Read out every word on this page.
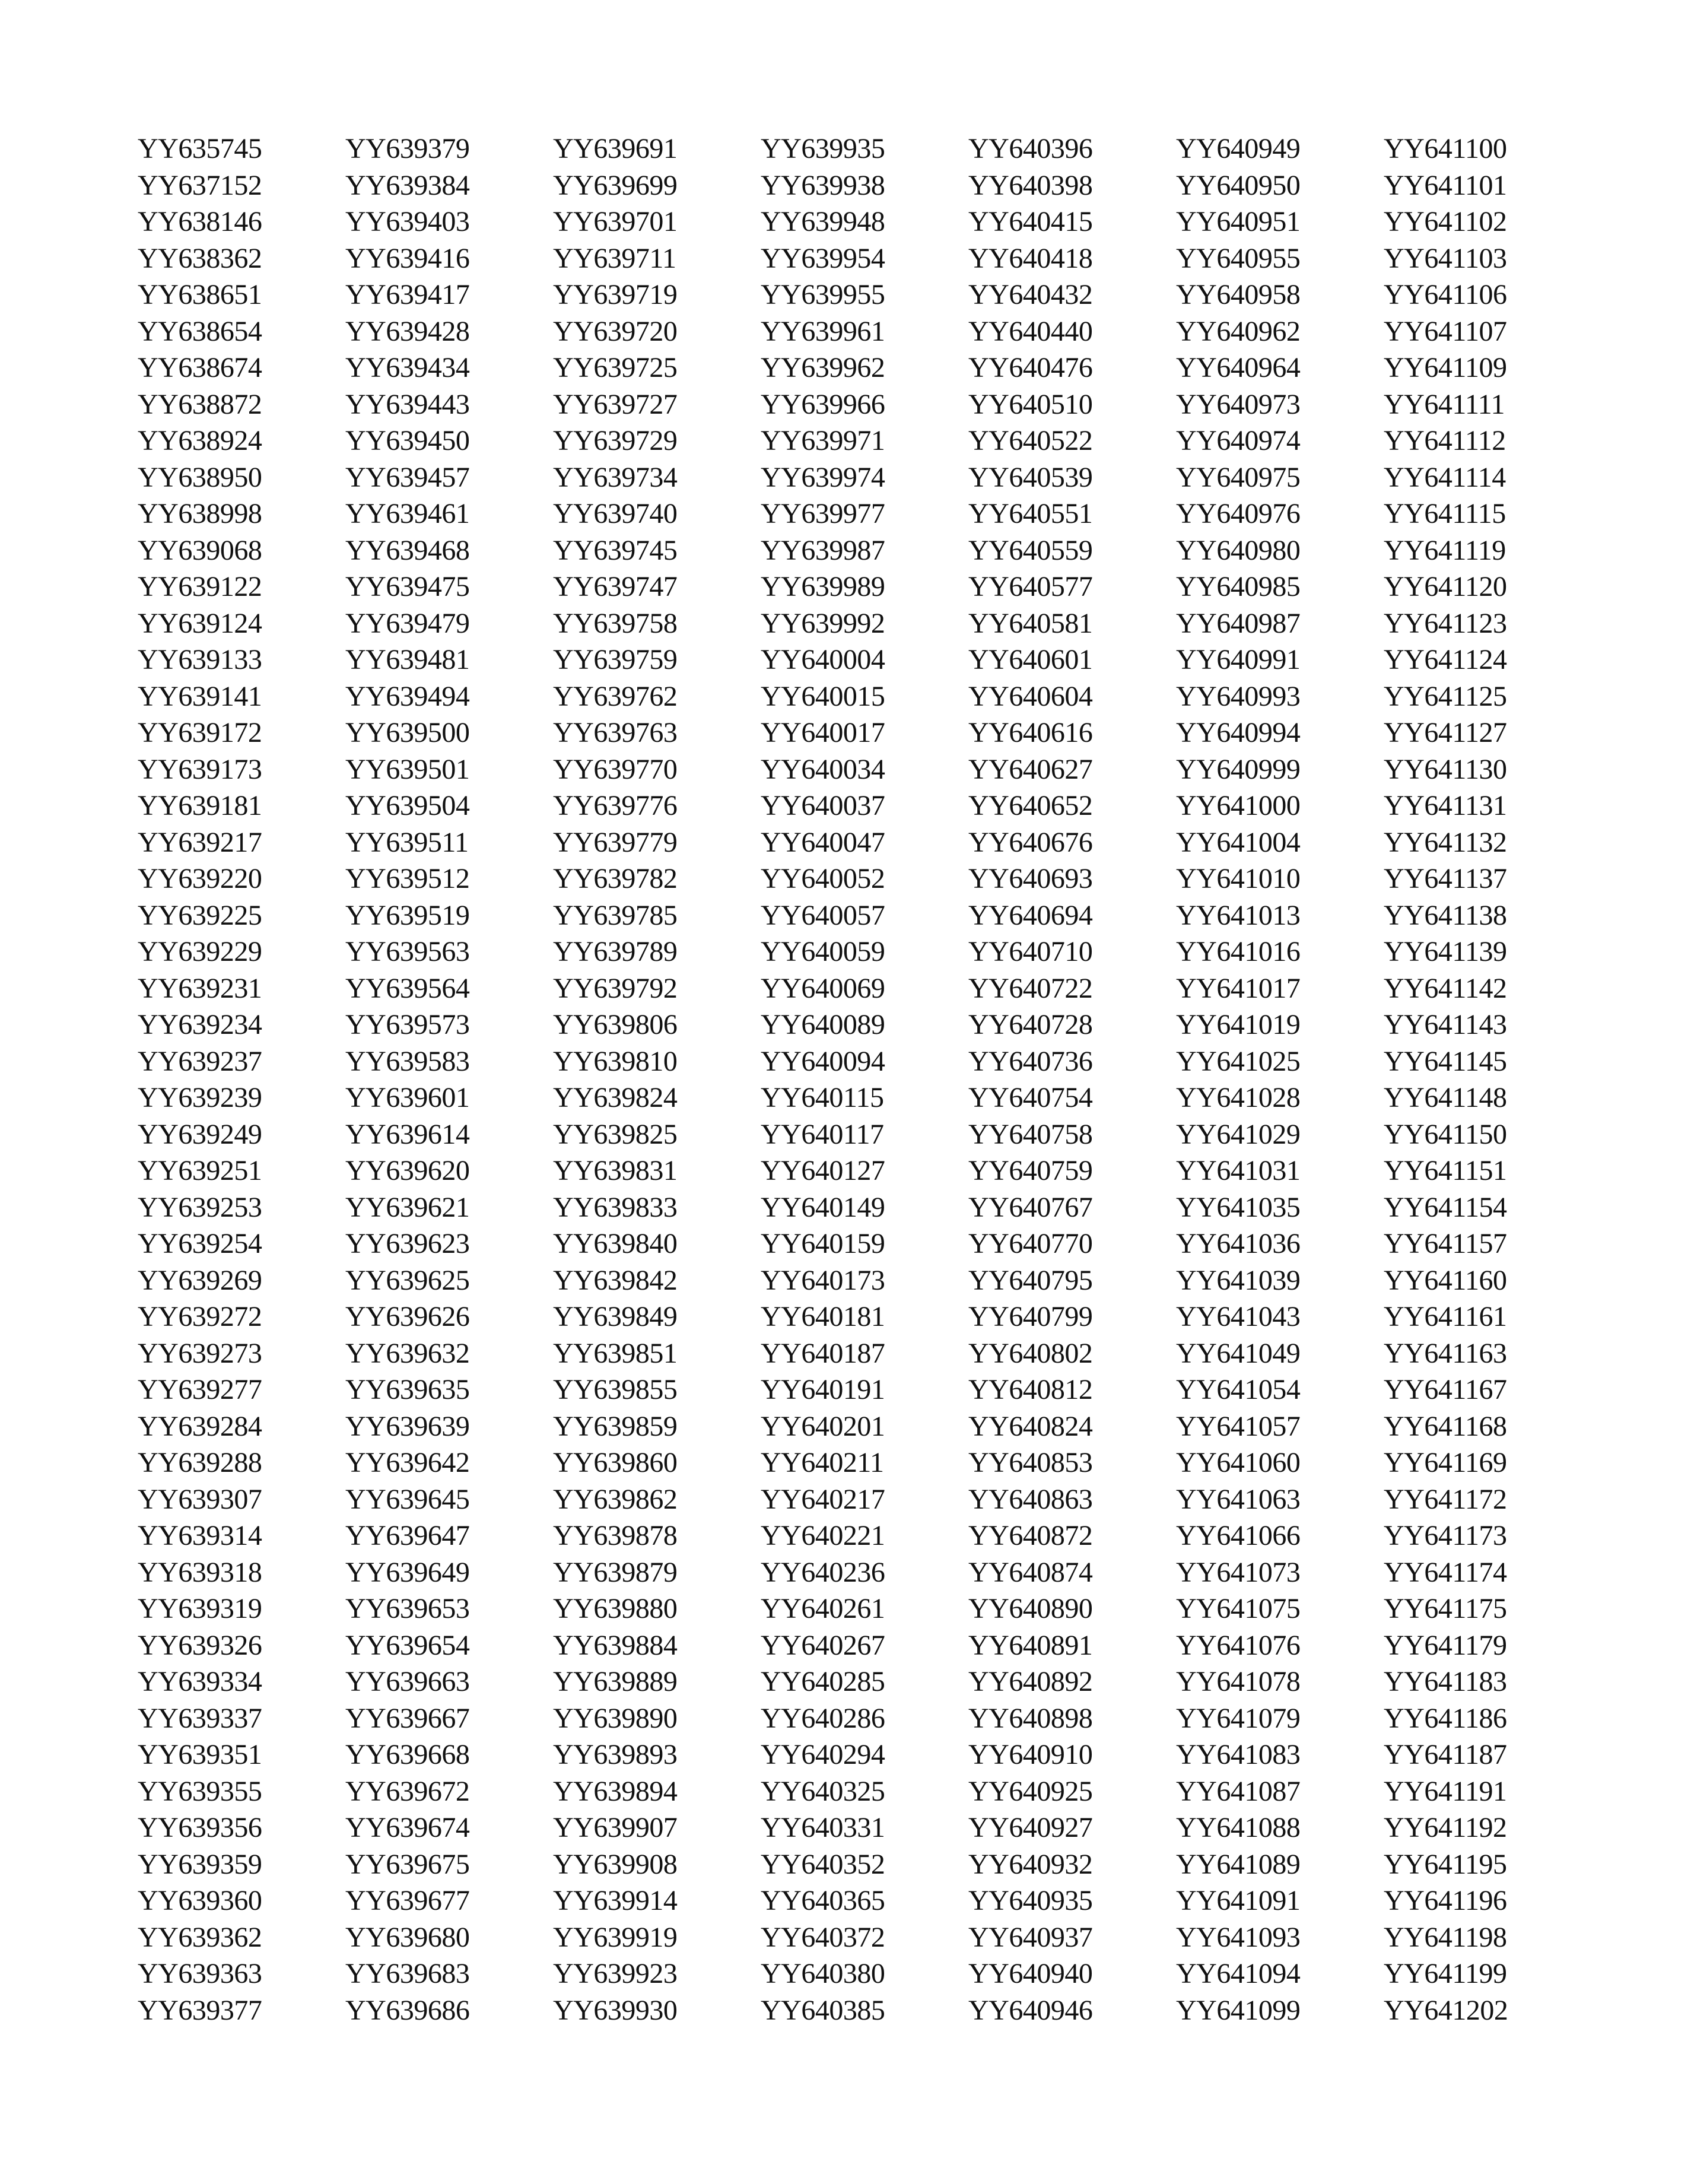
YY635745
YY637152
YY638146
YY638362
YY638651
YY638654
YY638674
YY638872
YY638924
YY638950
YY638998
YY639068
YY639122
YY639124
YY639133
YY639141
YY639172
YY639173
YY639181
YY639217
YY639220
YY639225
YY639229
YY639231
YY639234
YY639237
YY639239
YY639249
YY639251
YY639253
YY639254
YY639269
YY639272
YY639273
YY639277
YY639284
YY639288
YY639307
YY639314
YY639318
YY639319
YY639326
YY639334
YY639337
YY639351
YY639355
YY639356
YY639359
YY639360
YY639362
YY639363
YY639377
YY639379
YY639384
YY639403
YY639416
YY639417
YY639428
YY639434
YY639443
YY639450
YY639457
YY639461
YY639468
YY639475
YY639479
YY639481
YY639494
YY639500
YY639501
YY639504
YY639511
YY639512
YY639519
YY639563
YY639564
YY639573
YY639583
YY639601
YY639614
YY639620
YY639621
YY639623
YY639625
YY639626
YY639632
YY639635
YY639639
YY639642
YY639645
YY639647
YY639649
YY639653
YY639654
YY639663
YY639667
YY639668
YY639672
YY639674
YY639675
YY639677
YY639680
YY639683
YY639686
YY639691
YY639699
YY639701
YY639711
YY639719
YY639720
YY639725
YY639727
YY639729
YY639734
YY639740
YY639745
YY639747
YY639758
YY639759
YY639762
YY639763
YY639770
YY639776
YY639779
YY639782
YY639785
YY639789
YY639792
YY639806
YY639810
YY639824
YY639825
YY639831
YY639833
YY639840
YY639842
YY639849
YY639851
YY639855
YY639859
YY639860
YY639862
YY639878
YY639879
YY639880
YY639884
YY639889
YY639890
YY639893
YY639894
YY639907
YY639908
YY639914
YY639919
YY639923
YY639930
YY639935
YY639938
YY639948
YY639954
YY639955
YY639961
YY639962
YY639966
YY639971
YY639974
YY639977
YY639987
YY639989
YY639992
YY640004
YY640015
YY640017
YY640034
YY640037
YY640047
YY640052
YY640057
YY640059
YY640069
YY640089
YY640094
YY640115
YY640117
YY640127
YY640149
YY640159
YY640173
YY640181
YY640187
YY640191
YY640201
YY640211
YY640217
YY640221
YY640236
YY640261
YY640267
YY640285
YY640286
YY640294
YY640325
YY640331
YY640352
YY640365
YY640372
YY640380
YY640385
YY640396
YY640398
YY640415
YY640418
YY640432
YY640440
YY640476
YY640510
YY640522
YY640539
YY640551
YY640559
YY640577
YY640581
YY640601
YY640604
YY640616
YY640627
YY640652
YY640676
YY640693
YY640694
YY640710
YY640722
YY640728
YY640736
YY640754
YY640758
YY640759
YY640767
YY640770
YY640795
YY640799
YY640802
YY640812
YY640824
YY640853
YY640863
YY640872
YY640874
YY640890
YY640891
YY640892
YY640898
YY640910
YY640925
YY640927
YY640932
YY640935
YY640937
YY640940
YY640946
YY640949
YY640950
YY640951
YY640955
YY640958
YY640962
YY640964
YY640973
YY640974
YY640975
YY640976
YY640980
YY640985
YY640987
YY640991
YY640993
YY640994
YY640999
YY641000
YY641004
YY641010
YY641013
YY641016
YY641017
YY641019
YY641025
YY641028
YY641029
YY641031
YY641035
YY641036
YY641039
YY641043
YY641049
YY641054
YY641057
YY641060
YY641063
YY641066
YY641073
YY641075
YY641076
YY641078
YY641079
YY641083
YY641087
YY641088
YY641089
YY641091
YY641093
YY641094
YY641099
YY641100
YY641101
YY641102
YY641103
YY641106
YY641107
YY641109
YY641111
YY641112
YY641114
YY641115
YY641119
YY641120
YY641123
YY641124
YY641125
YY641127
YY641130
YY641131
YY641132
YY641137
YY641138
YY641139
YY641142
YY641143
YY641145
YY641148
YY641150
YY641151
YY641154
YY641157
YY641160
YY641161
YY641163
YY641167
YY641168
YY641169
YY641172
YY641173
YY641174
YY641175
YY641179
YY641183
YY641186
YY641187
YY641191
YY641192
YY641195
YY641196
YY641198
YY641199
YY641202
